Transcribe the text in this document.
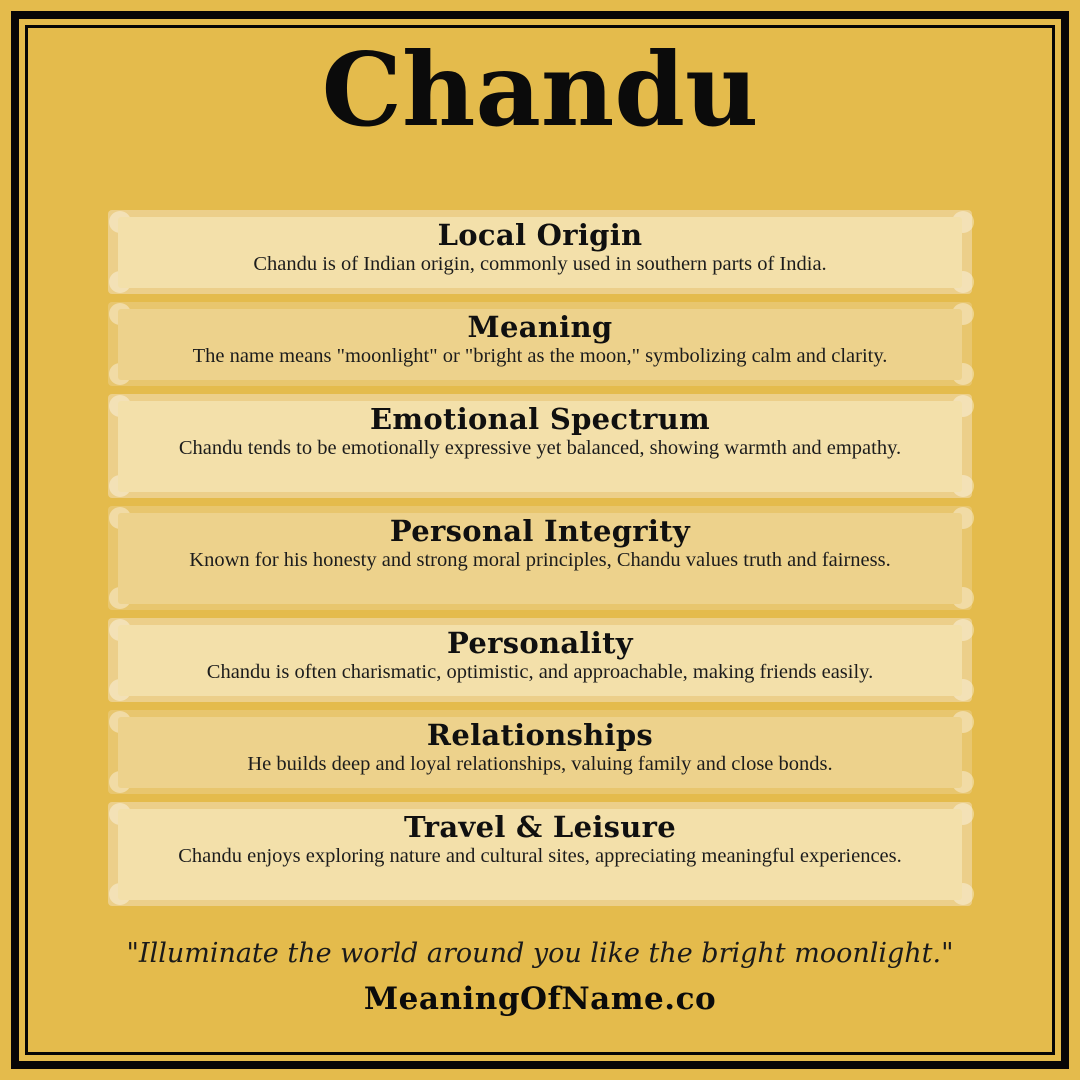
Chandu
Local Origin

Chandu is of Indian origin, commonly used in southern parts of India.

Meaning

The name means "moonlight" or "bright as the moon," symbolizing calm and clarity.

Emotional Spectrum

Chandu tends to be emotionally expressive yet balanced, showing warmth and empathy.

Personal Integrity

Known for his honesty and strong moral principles, Chandu values truth and fairness.

Personality

Chandu is often charismatic, optimistic, and approachable, making friends easily.

Relationships

He builds deep and loyal relationships, valuing family and close bonds.

Travel & Leisure

Chandu enjoys exploring nature and cultural sites, appreciating meaningful experiences.

"Illuminate the world around you like the bright moonlight."
MeaningOfName.co
